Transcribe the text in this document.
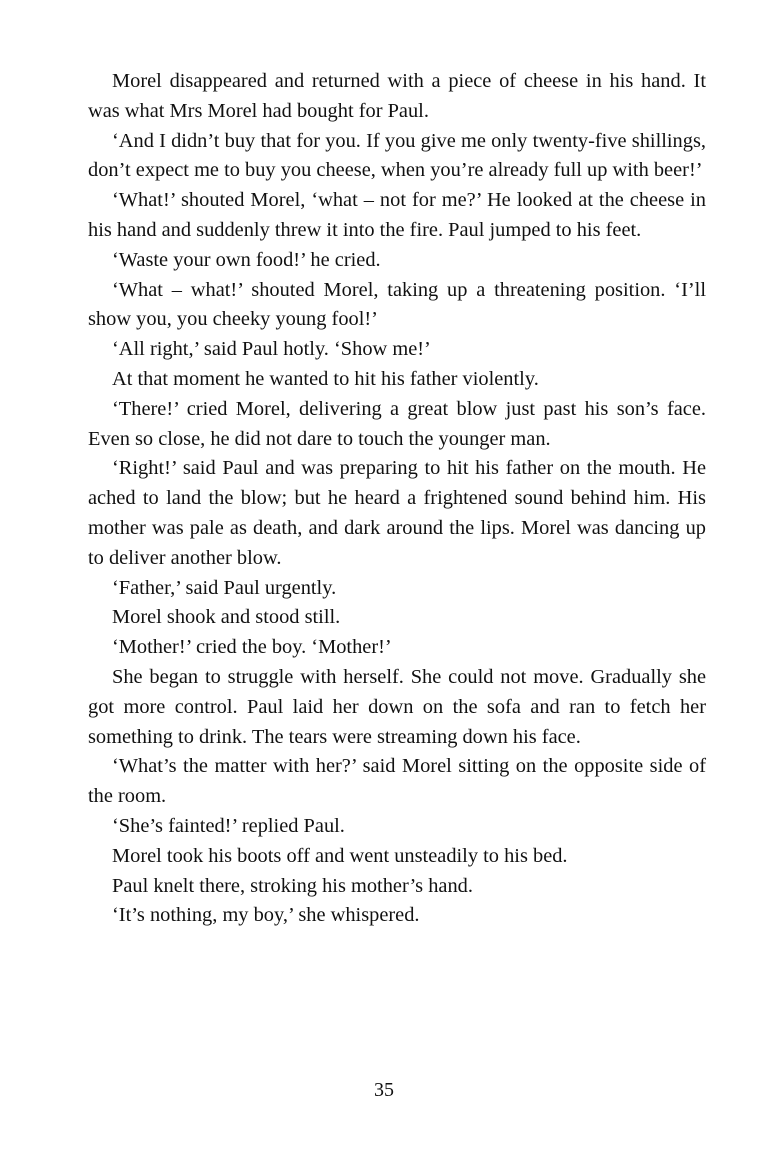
Morel disappeared and returned with a piece of cheese in his hand. It was what Mrs Morel had bought for Paul.

‘And I didn’t buy that for you. If you give me only twenty-five shillings, don’t expect me to buy you cheese, when you’re already full up with beer!’

‘What!’ shouted Morel, ‘what – not for me?’ He looked at the cheese in his hand and suddenly threw it into the fire. Paul jumped to his feet.

‘Waste your own food!’ he cried.

‘What – what!’ shouted Morel, taking up a threatening position. ‘I’ll show you, you cheeky young fool!’

‘All right,’ said Paul hotly. ‘Show me!’

At that moment he wanted to hit his father violently.

‘There!’ cried Morel, delivering a great blow just past his son’s face. Even so close, he did not dare to touch the younger man.

‘Right!’ said Paul and was preparing to hit his father on the mouth. He ached to land the blow; but he heard a frightened sound behind him. His mother was pale as death, and dark around the lips. Morel was dancing up to deliver another blow.

‘Father,’ said Paul urgently.

Morel shook and stood still.

‘Mother!’ cried the boy. ‘Mother!’

She began to struggle with herself. She could not move. Gradually she got more control. Paul laid her down on the sofa and ran to fetch her something to drink. The tears were streaming down his face.

‘What’s the matter with her?’ said Morel sitting on the opposite side of the room.

‘She’s fainted!’ replied Paul.

Morel took his boots off and went unsteadily to his bed.

Paul knelt there, stroking his mother’s hand.

‘It’s nothing, my boy,’ she whispered.

35
